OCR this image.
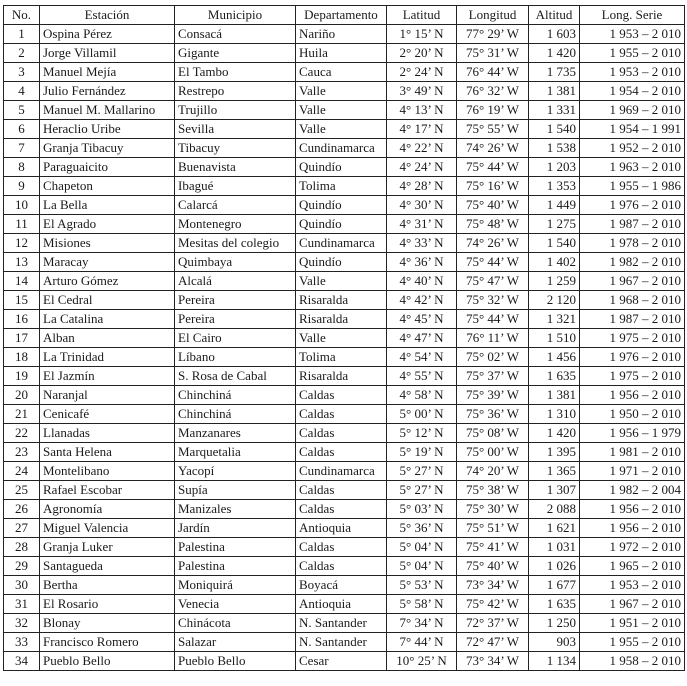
No.	Estación	Municipio	Departamento	Latitud	Longitud	Altitud	Long. Serie
1	Ospina Pérez	Consacá	Nariño	1° 15’ N	77° 29’ W	1 603	1 953 – 2 010
2	Jorge Villamil	Gigante	Huila	2° 20’ N	75° 31’ W	1 420	1 955 – 2 010
3	Manuel Mejía	El Tambo	Cauca	2° 24’ N	76° 44’ W	1 735	1 953 – 2 010
4	Julio Fernández	Restrepo	Valle	3° 49’ N	76° 32’ W	1 381	1 954 – 2 010
5	Manuel M. Mallarino	Trujillo	Valle	4° 13’ N	76° 19’ W	1 331	1 969 – 2 010
6	Heraclio Uribe	Sevilla	Valle	4° 17’ N	75° 55’ W	1 540	1 954 – 1 991
7	Granja Tibacuy	Tibacuy	Cundinamarca	4° 22’ N	74° 26’ W	1 538	1 952 – 2 010
8	Paraguaicito	Buenavista	Quindío	4° 24’ N	75° 44’ W	1 203	1 963 – 2 010
9	Chapeton	Ibagué	Tolima	4° 28’ N	75° 16’ W	1 353	1 955 – 1 986
10	La Bella	Calarcá	Quindío	4° 30’ N	75° 40’ W	1 449	1 976 – 2 010
11	El Agrado	Montenegro	Quindío	4° 31’ N	75° 48’ W	1 275	1 987 – 2 010
12	Misiones	Mesitas del colegio	Cundinamarca	4° 33’ N	74° 26’ W	1 540	1 978 – 2 010
13	Maracay	Quimbaya	Quindío	4° 36’ N	75° 44’ W	1 402	1 982 – 2 010
14	Arturo Gómez	Alcalá	Valle	4° 40’ N	75° 47’ W	1 259	1 967 – 2 010
15	El Cedral	Pereira	Risaralda	4° 42’ N	75° 32’ W	2 120	1 968 – 2 010
16	La Catalina	Pereira	Risaralda	4° 45’ N	75° 44’ W	1 321	1 987 – 2 010
17	Alban	El Cairo	Valle	4° 47’ N	76° 11’ W	1 510	1 975 – 2 010
18	La Trinidad	Líbano	Tolima	4° 54’ N	75° 02’ W	1 456	1 976 – 2 010
19	El Jazmín	S. Rosa de Cabal	Risaralda	4° 55’ N	75° 37’ W	1 635	1 975 – 2 010
20	Naranjal	Chinchiná	Caldas	4° 58’ N	75° 39’ W	1 381	1 956 – 2 010
21	Cenicafé	Chinchiná	Caldas	5° 00’ N	75° 36’ W	1 310	1 950 – 2 010
22	Llanadas	Manzanares	Caldas	5° 12’ N	75° 08’ W	1 420	1 956 – 1 979
23	Santa Helena	Marquetalia	Caldas	5° 19’ N	75° 00’ W	1 395	1 981 – 2 010
24	Montelibano	Yacopí	Cundinamarca	5° 27’ N	74° 20’ W	1 365	1 971 – 2 010
25	Rafael Escobar	Supía	Caldas	5° 27’ N	75° 38’ W	1 307	1 982 – 2 004
26	Agronomía	Manizales	Caldas	5° 03’ N	75° 30’ W	2 088	1 956 – 2 010
27	Miguel Valencia	Jardín	Antioquia	5° 36’ N	75° 51’ W	1 621	1 956 – 2 010
28	Granja Luker	Palestina	Caldas	5° 04’ N	75° 41’ W	1 031	1 972 – 2 010
29	Santagueda	Palestina	Caldas	5° 04’ N	75° 40’ W	1 026	1 965 – 2 010
30	Bertha	Moniquirá	Boyacá	5° 53’ N	73° 34’ W	1 677	1 953 – 2 010
31	El Rosario	Venecia	Antioquia	5° 58’ N	75° 42’ W	1 635	1 967 – 2 010
32	Blonay	Chinácota	N. Santander	7° 34’ N	72° 37’ W	1 250	1 951 – 2 010
33	Francisco Romero	Salazar	N. Santander	7° 44’ N	72° 47’ W	903	1 955 – 2 010
34	Pueblo Bello	Pueblo Bello	Cesar	10° 25’ N	73° 34’ W	1 134	1 958 – 2 010
